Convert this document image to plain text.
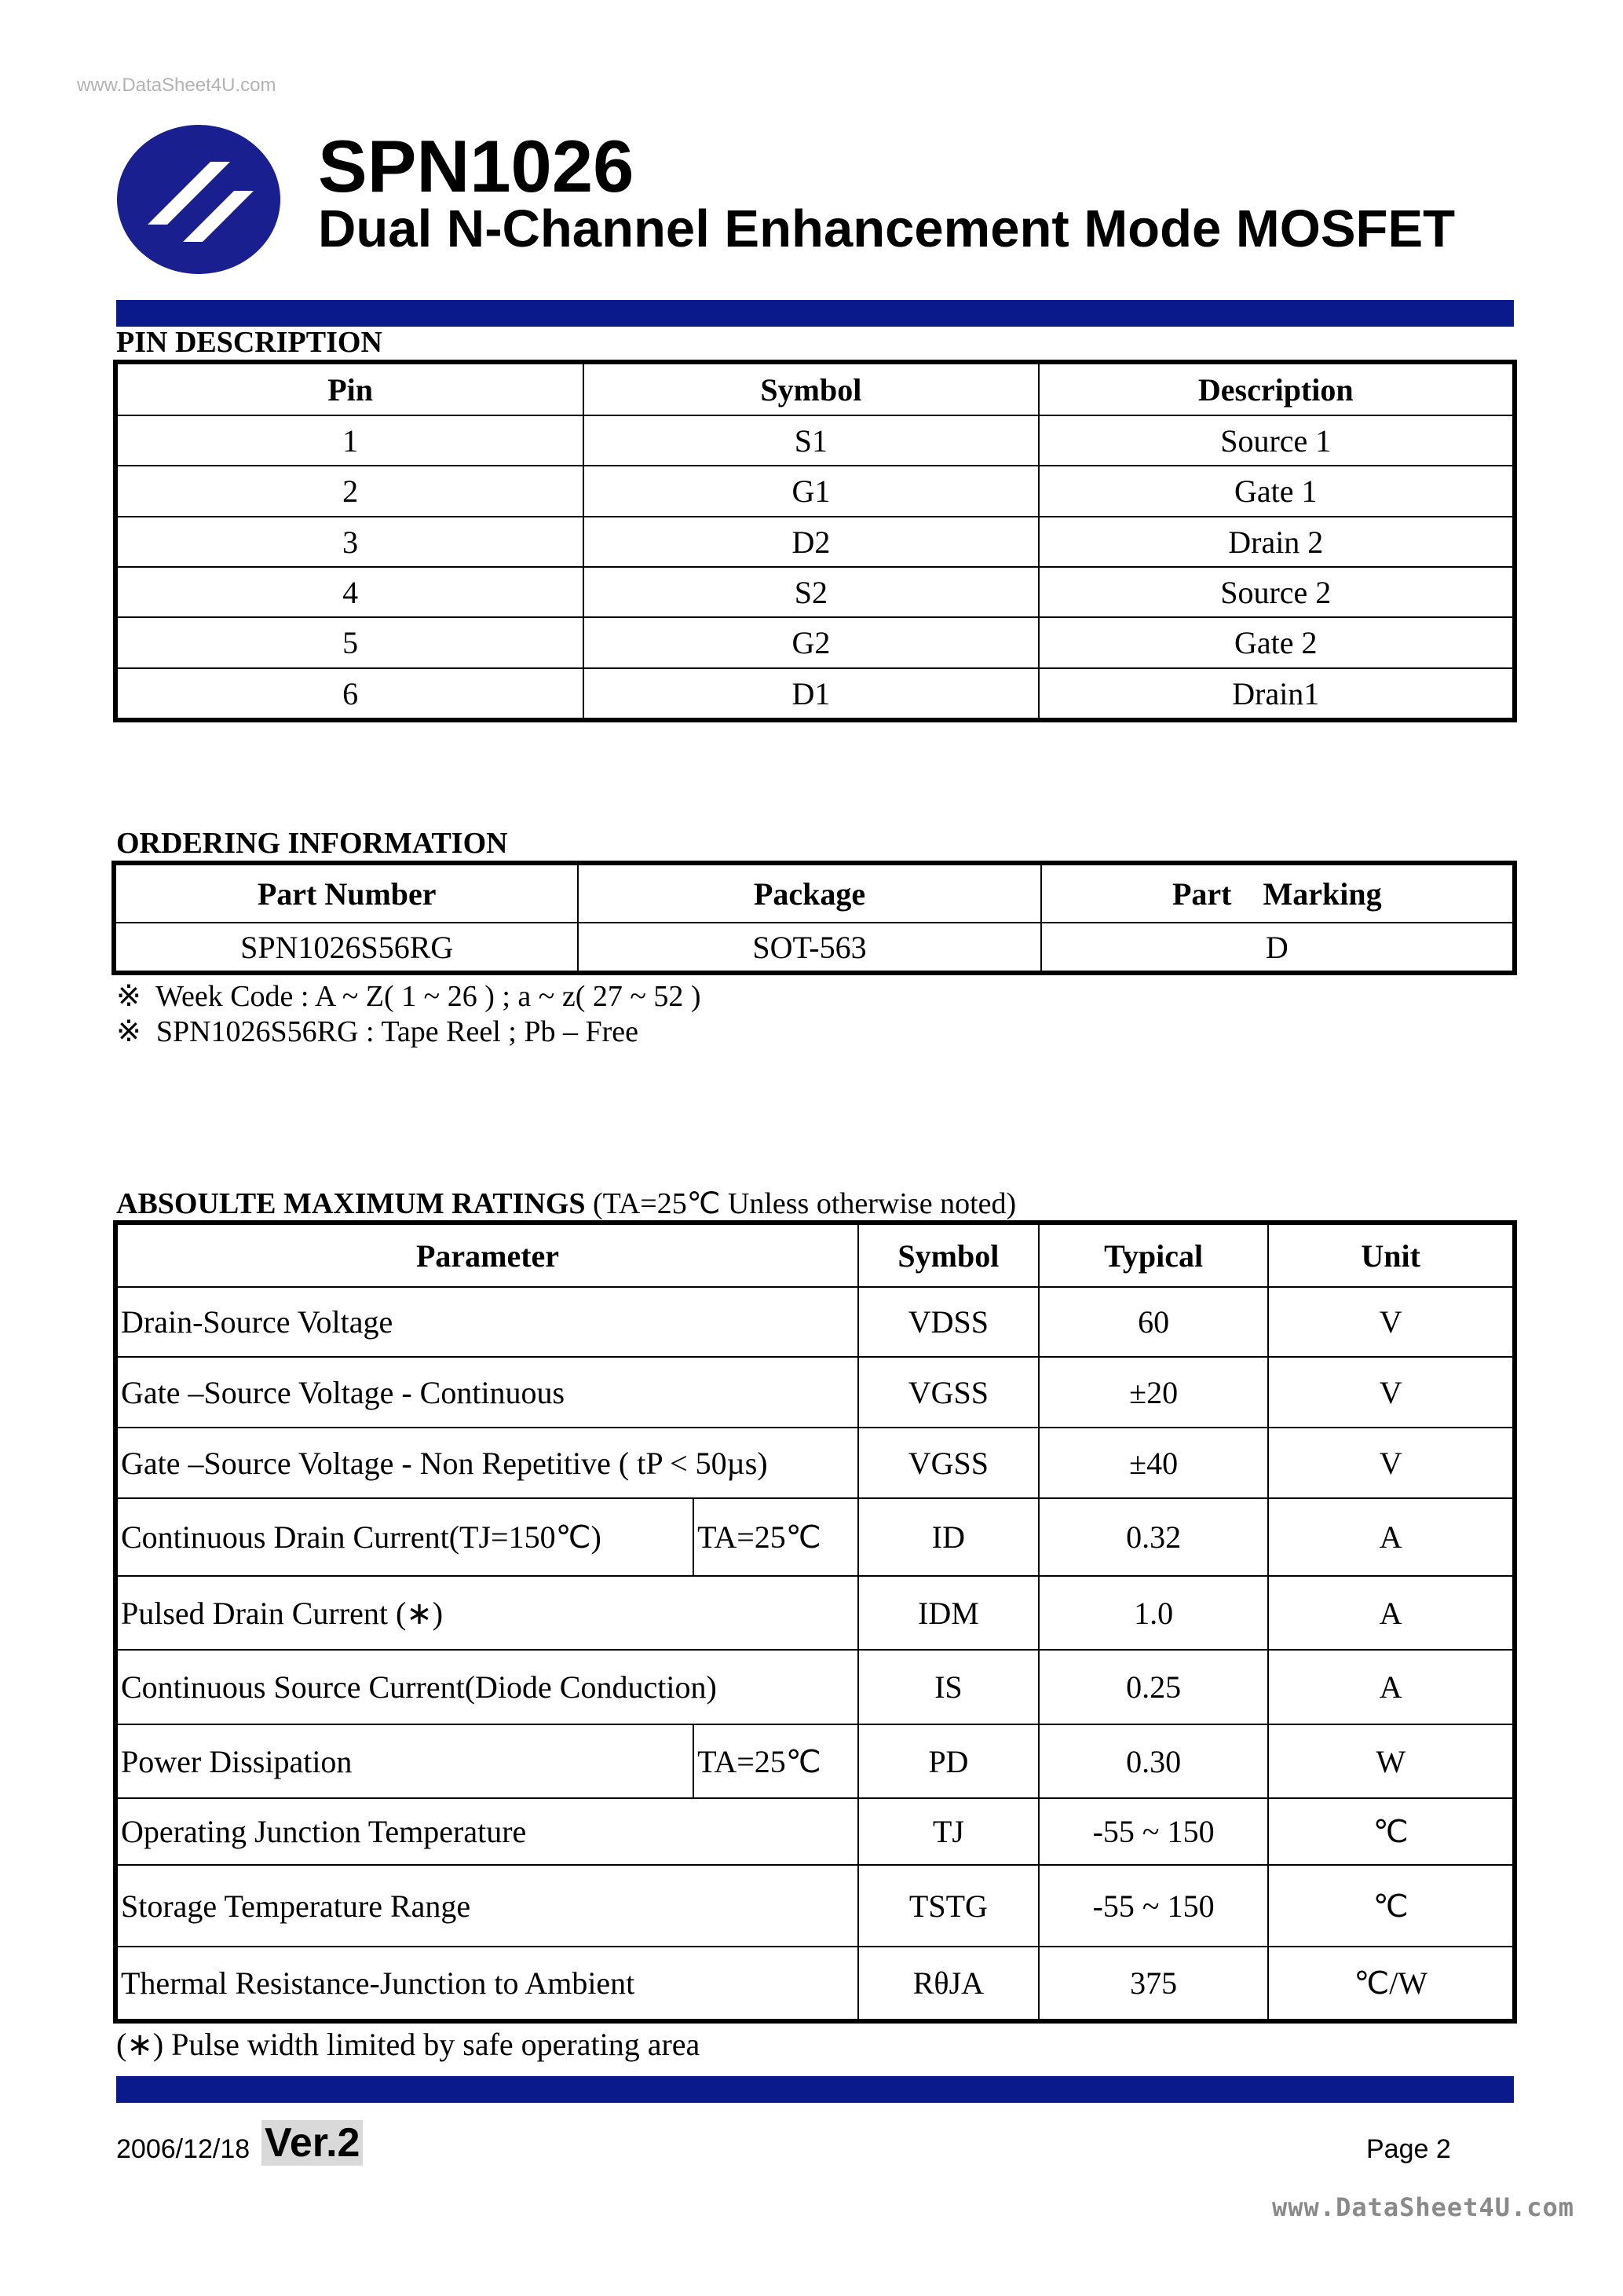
www.DataSheet4U.com
SPN1026
Dual N-Channel Enhancement Mode MOSFET
PIN DESCRIPTION
Pin	Symbol	Description
1	S1	Source 1
2	G1	Gate 1
3	D2	Drain 2
4	S2	Source 2
5	G2	Gate 2
6	D1	Drain1
ORDERING INFORMATION
Part Number	Package	Part    Marking
SPN1026S56RG	SOT-563	D
※  Week Code : A ~ Z( 1 ~ 26 ) ; a ~ z( 27 ~ 52 )
※  SPN1026S56RG : Tape Reel ; Pb – Free
ABSOULTE MAXIMUM RATINGS (TA=25℃ Unless otherwise noted)
Parameter		Symbol	Typical	Unit
Drain-Source Voltage		VDSS	60	V
Gate –Source Voltage - Continuous		VGSS	±20	V
Gate –Source Voltage - Non Repetitive ( tP < 50µs)		VGSS	±40	V
Continuous Drain Current(TJ=150℃)	TA=25℃	ID	0.32	A
Pulsed Drain Current (∗)		IDM	1.0	A
Continuous Source Current(Diode Conduction)		IS	0.25	A
Power Dissipation	TA=25℃	PD	0.30	W
Operating Junction Temperature		TJ	-55 ~ 150	℃
Storage Temperature Range		TSTG	-55 ~ 150	℃
Thermal Resistance-Junction to Ambient		RθJA	375	℃/W
(∗) Pulse width limited by safe operating area
2006/12/18 Ver.2	Page 2
www.DataSheet4U.com
